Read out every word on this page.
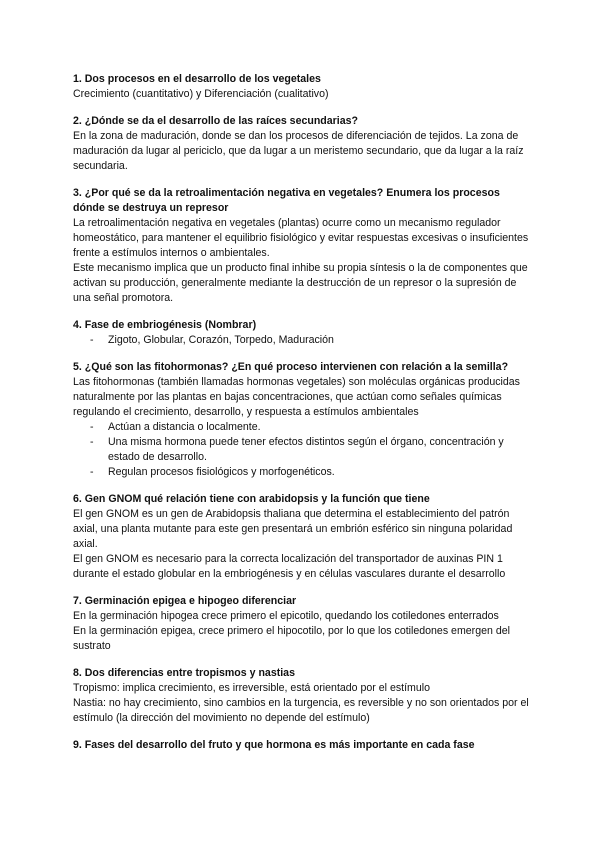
1. Dos procesos en el desarrollo de los vegetales

Crecimiento (cuantitativo) y Diferenciación (cualitativo)

2. ¿Dónde se da el desarrollo de las raíces secundarias?

En la zona de maduración, donde se dan los procesos de diferenciación de tejidos. La zona de maduración da lugar al periciclo, que da lugar a un meristemo secundario, que da lugar a la raíz secundaria.

3. ¿Por qué se da la retroalimentación negativa en vegetales? Enumera los procesos dónde se destruya un represor

La retroalimentación negativa en vegetales (plantas) ocurre como un mecanismo regulador homeostático, para mantener el equilibrio fisiológico y evitar respuestas excesivas o insuficientes frente a estímulos internos o ambientales.

Este mecanismo implica que un producto final inhibe su propia síntesis o la de componentes que activan su producción, generalmente mediante la destrucción de un represor o la supresión de una señal promotora.

4. Fase de embriogénesis (Nombrar)
- Zigoto, Globular, Corazón, Torpedo, Maduración
5. ¿Qué son las fitohormonas? ¿En qué proceso intervienen con relación a la semilla?

Las fitohormonas (también llamadas hormonas vegetales) son moléculas orgánicas producidas naturalmente por las plantas en bajas concentraciones, que actúan como señales químicas regulando el crecimiento, desarrollo, y respuesta a estímulos ambientales

- Actúan a distancia o localmente.
- Una misma hormona puede tener efectos distintos según el órgano, concentración y estado de desarrollo.
- Regulan procesos fisiológicos y morfogenéticos.
6. Gen GNOM qué relación tiene con arabidopsis y la función que tiene

El gen GNOM es un gen de Arabidopsis thaliana que determina el establecimiento del patrón axial, una planta mutante para este gen presentará un embrión esférico sin ninguna polaridad axial.

El gen GNOM es necesario para la correcta localización del transportador de auxinas PIN 1 durante el estado globular en la embriogénesis y en células vasculares durante el desarrollo

7. Germinación epigea e hipogeo diferenciar

En la germinación hipogea crece primero el epicotilo, quedando los cotiledones enterrados

En la germinación epigea, crece primero el hipocotilo, por lo que los cotiledones emergen del sustrato

8. Dos diferencias entre tropismos y nastias

Tropismo: implica crecimiento, es irreversible, está orientado por el estímulo

Nastia: no hay crecimiento, sino cambios en la turgencia, es reversible y no son orientados por el estímulo (la dirección del movimiento no depende del estímulo)

9. Fases del desarrollo del fruto y que hormona es más importante en cada fase
